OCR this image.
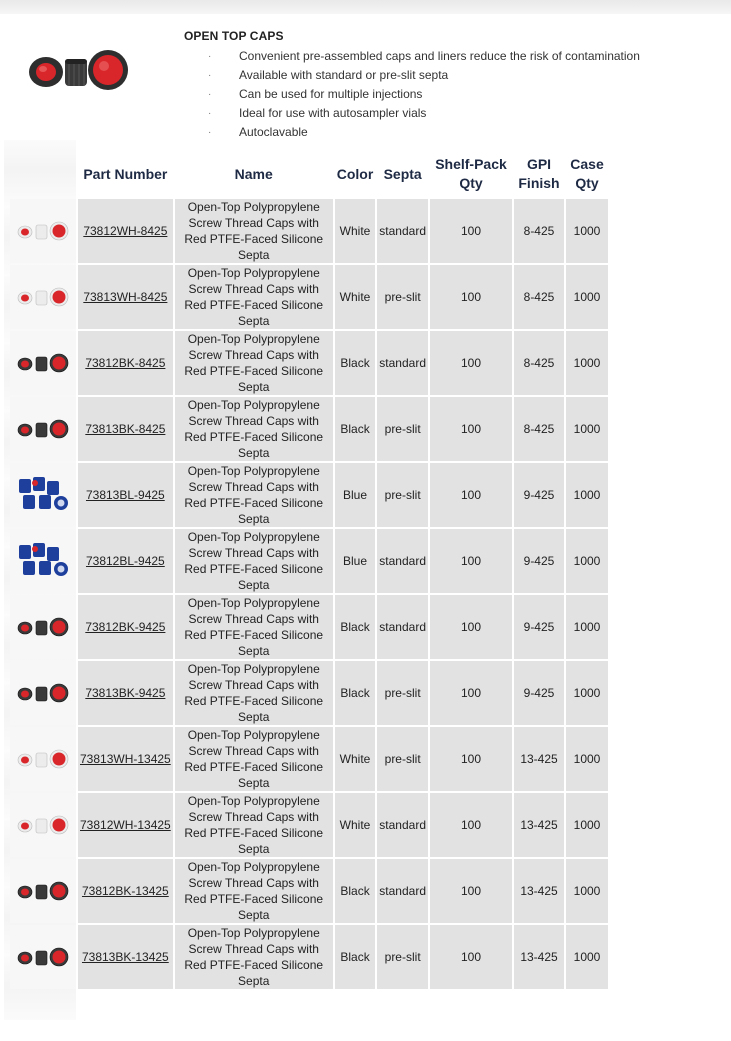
OPEN TOP CAPS
· Convenient pre-assembled caps and liners reduce the risk of contamination
· Available with standard or pre-slit septa
· Can be used for multiple injections
· Ideal for use with autosampler vials
· Autoclavable
	Part Number	Name	Color	Septa	Shelf-Pack Qty	GPI Finish	Case Qty

	73812WH-8425	Open-Top Polypropylene Screw Thread Caps with Red PTFE-Faced Silicone Septa	White	standard	100	8-425	1000

	73813WH-8425	Open-Top Polypropylene Screw Thread Caps with Red PTFE-Faced Silicone Septa	White	pre-slit	100	8-425	1000

	73812BK-8425	Open-Top Polypropylene Screw Thread Caps with Red PTFE-Faced Silicone Septa	Black	standard	100	8-425	1000

	73813BK-8425	Open-Top Polypropylene Screw Thread Caps with Red PTFE-Faced Silicone Septa	Black	pre-slit	100	8-425	1000

	73813BL-9425	Open-Top Polypropylene Screw Thread Caps with Red PTFE-Faced Silicone Septa	Blue	pre-slit	100	9-425	1000

	73812BL-9425	Open-Top Polypropylene Screw Thread Caps with Red PTFE-Faced Silicone Septa	Blue	standard	100	9-425	1000

	73812BK-9425	Open-Top Polypropylene Screw Thread Caps with Red PTFE-Faced Silicone Septa	Black	standard	100	9-425	1000

	73813BK-9425	Open-Top Polypropylene Screw Thread Caps with Red PTFE-Faced Silicone Septa	Black	pre-slit	100	9-425	1000

	73813WH-13425	Open-Top Polypropylene Screw Thread Caps with Red PTFE-Faced Silicone Septa	White	pre-slit	100	13-425	1000

	73812WH-13425	Open-Top Polypropylene Screw Thread Caps with Red PTFE-Faced Silicone Septa	White	standard	100	13-425	1000

	73812BK-13425	Open-Top Polypropylene Screw Thread Caps with Red PTFE-Faced Silicone Septa	Black	standard	100	13-425	1000

	73813BK-13425	Open-Top Polypropylene Screw Thread Caps with Red PTFE-Faced Silicone Septa	Black	pre-slit	100	13-425	1000
